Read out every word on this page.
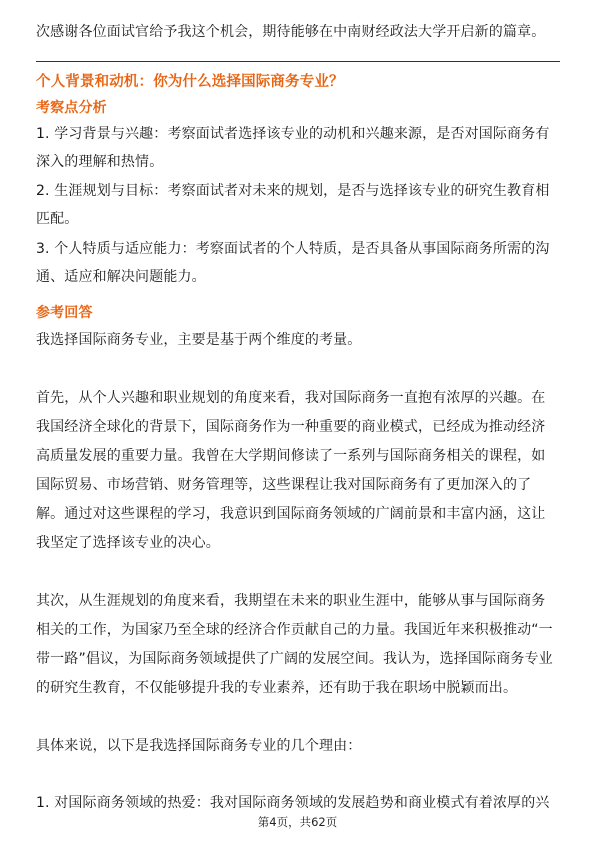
次感谢各位面试官给予我这个机会，期待能够在中南财经政法大学开启新的篇章。
个人背景和动机：你为什么选择国际商务专业？
考察点分析
1. 学习背景与兴趣：考察面试者选择该专业的动机和兴趣来源，是否对国际商务有
深入的理解和热情。
2. 生涯规划与目标：考察面试者对未来的规划，是否与选择该专业的研究生教育相
匹配。
3. 个人特质与适应能力：考察面试者的个人特质，是否具备从事国际商务所需的沟
通、适应和解决问题能力。
参考回答
我选择国际商务专业，主要是基于两个维度的考量。
首先，从个人兴趣和职业规划的角度来看，我对国际商务一直抱有浓厚的兴趣。在
我国经济全球化的背景下，国际商务作为一种重要的商业模式，已经成为推动经济
高质量发展的重要力量。我曾在大学期间修读了一系列与国际商务相关的课程，如
国际贸易、市场营销、财务管理等，这些课程让我对国际商务有了更加深入的了
解。通过对这些课程的学习，我意识到国际商务领域的广阔前景和丰富内涵，这让
我坚定了选择该专业的决心。
其次，从生涯规划的角度来看，我期望在未来的职业生涯中，能够从事与国际商务
相关的工作，为国家乃至全球的经济合作贡献自己的力量。我国近年来积极推动“一
带一路”倡议，为国际商务领域提供了广阔的发展空间。我认为，选择国际商务专业
的研究生教育，不仅能够提升我的专业素养，还有助于我在职场中脱颖而出。
具体来说，以下是我选择国际商务专业的几个理由：
1. 对国际商务领域的热爱：我对国际商务领域的发展趋势和商业模式有着浓厚的兴
第4页，共62页
